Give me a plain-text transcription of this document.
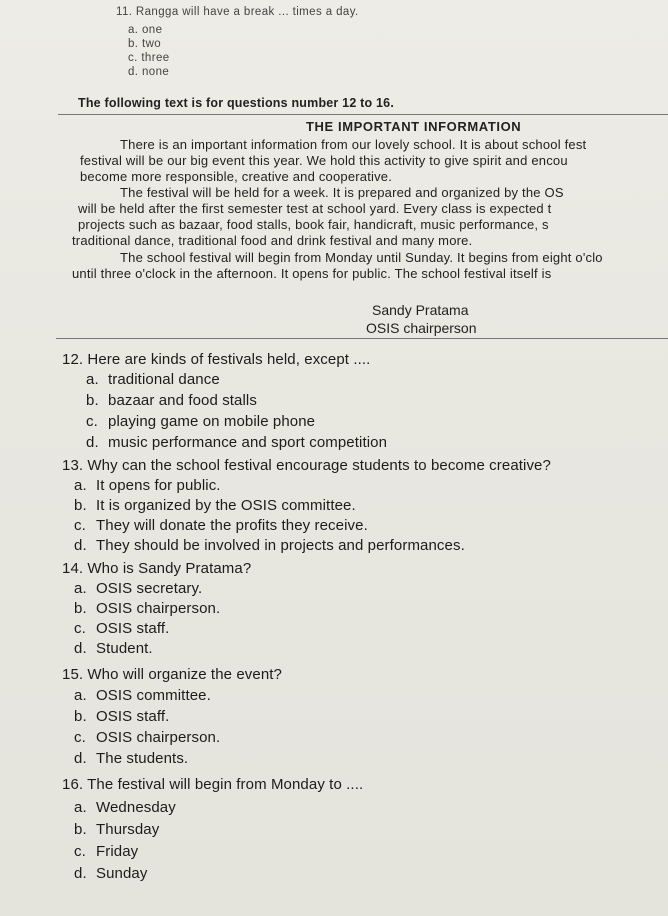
11. Rangga will have a break ... times a day.
a. one
b. two
c. three
d. none
The following text is for questions number 12 to 16.
THE IMPORTANT INFORMATION
There is an important information from our lovely school. It is about school fest
festival will be our big event this year. We hold this activity to give spirit and encou
become more responsible, creative and cooperative.
The festival will be held for a week. It is prepared and organized by the OS
will be held after the first semester test at school yard. Every class is expected t
projects such as bazaar, food stalls, book fair, handicraft, music performance, s
traditional dance, traditional food and drink festival and many more.
The school festival will begin from Monday until Sunday. It begins from eight o'clo
until three o'clock in the afternoon. It opens for public. The school festival itself is
Sandy Pratama
OSIS chairperson
12. Here are kinds of festivals held, except ....
a. traditional dance
b. bazaar and food stalls
c. playing game on mobile phone
d. music performance and sport competition
13. Why can the school festival encourage students to become creative?
a. It opens for public.
b. It is organized by the OSIS committee.
c. They will donate the profits they receive.
d. They should be involved in projects and performances.
14. Who is Sandy Pratama?
a. OSIS secretary.
b. OSIS chairperson.
c. OSIS staff.
d. Student.
15. Who will organize the event?
a. OSIS committee.
b. OSIS staff.
c. OSIS chairperson.
d. The students.
16. The festival will begin from Monday to ....
a. Wednesday
b. Thursday
c. Friday
d. Sunday
